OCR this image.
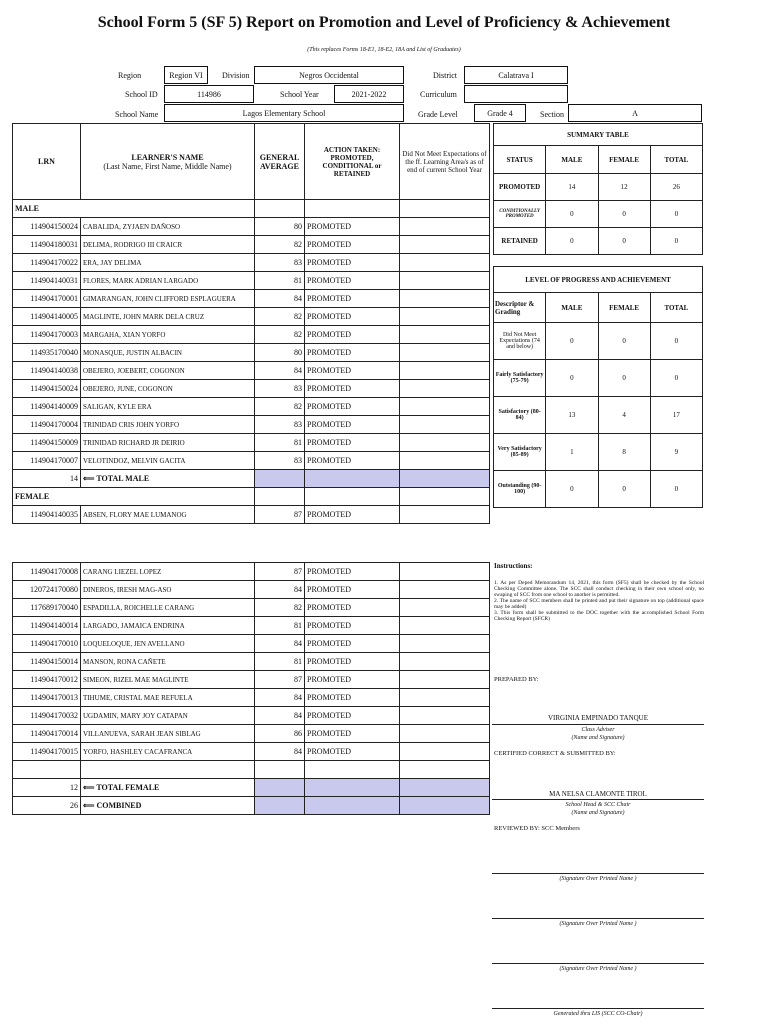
School Form 5 (SF 5) Report on Promotion and Level of Proficiency & Achievement
(This replaces Forms 18-E1, 18-E2, 18A and List of Graduates)
Region	Region VI	Division	Negros Occidental	District	Calatrava I
School ID	114986	School Year	2021-2022	Curriculum
School Name	Lagos Elementary School	Grade Level	Grade 4	Section	A
LRN	LEARNER'S NAME
(Last Name, First Name, Middle Name)	GENERAL AVERAGE	ACTION TAKEN: PROMOTED, CONDITIONAL or RETAINED	Did Not Meet Expectations of the ff. Learning Area/s as of end of current School Year
MALE				
114904150024	CABALIDA, ZYJAEN DAÑOSO	80	PROMOTED	
114904180031	DELIMA, RODRIGO III CRAICR	82	PROMOTED	
114904170022	ERA, JAY DELIMA	83	PROMOTED	
114904140031	FLORES, MARK ADRIAN LARGADO	81	PROMOTED	
114904170001	GIMARANGAN, JOHN CLIFFORD ESPLAGUERA	84	PROMOTED	
114904140005	MAGLINTE, JOHN MARK DELA CRUZ	82	PROMOTED	
114904170003	MARGAHA, XIAN YORFO	82	PROMOTED	
114935170040	MONASQUE, JUSTIN ALBACIN	80	PROMOTED	
114904140038	OBEJERO, JOEBERT, COGONON	84	PROMOTED	
114904150024	OBEJERO, JUNE, COGONON	83	PROMOTED	
114904140009	SALIGAN, KYLE ERA	82	PROMOTED	
114904170004	TRINIDAD CRIS JOHN YORFO	83	PROMOTED	
114904150009	TRINIDAD RICHARD JR DEIRIO	81	PROMOTED	
114904170007	VELOTINDOZ, MELVIN GACITA	83	PROMOTED	
14	⟸ TOTAL MALE			
FEMALE				
114904140035	ABSEN, FLORY MAE LUMANOG	87	PROMOTED	
114904170008	CARANG LIEZEL LOPEZ	87	PROMOTED	
120724170080	DINEROS, IRESH MAG-ASO	84	PROMOTED	
117689170040	ESPADILLA, ROICHELLE CARANG	82	PROMOTED	
114904140014	LARGADO, JAMAICA ENDRINA	81	PROMOTED	
114904170010	LOQUELOQUE, JEN AVELLANO	84	PROMOTED	
114904150014	MANSON, RONA CAÑETE	81	PROMOTED	
114904170012	SIMEON, RIZEL MAE MAGLINTE	87	PROMOTED	
114904170013	TIHUME, CRISTAL MAE REFUELA	84	PROMOTED	
114904170032	UGDAMIN, MARY JOY CATAPAN	84	PROMOTED	
114904170014	VILLANUEVA, SARAH JEAN SIBLAG	86	PROMOTED	
114904170015	YORFO, HASHLEY CACAFRANCA	84	PROMOTED	

12	⟸ TOTAL FEMALE			
26	⟸ COMBINED			
SUMMARY TABLE			
STATUS	MALE	FEMALE	TOTAL
PROMOTED	14	12	26
CONDITIONALLY PROMOTED	0	0	0
RETAINED	0	0	0
LEVEL OF PROGRESS AND ACHIEVEMENT			
Descriptor & Grading	MALE	FEMALE	TOTAL
Did Not Meet Expectations (74 and below)	0	0	0
Fairly Satisfactory (75-79)	0	0	0
Satisfactory (80-84)	13	4	17
Very Satisfactory (85-89)	1	8	9
Outstanding (90-100)	0	0	0
Instructions:
1. As per Deped Memorandum 14, 2021, this form (SF5) shall be checked by the School Checking Committee alone. The SCC shall conduct checking in their own school only, no swaping of SCC from one school to another is permitted.
2. The name of SCC members shall be printed and put their signature on top (additional space may be added)
3. This form shall be submitted to the DOC together with the accomplished School Form Checking Report (SFCR)
PREPARED BY:
VIRGINIA EMPINADO TANQUE
Class Adviser
(Name and Signature)
CERTIFIED CORRECT & SUBMITTED BY:
MA NELSA CLAMONTE TIROL
School Head & SCC Chair
(Name and Signature)
REVIEWED BY: SCC Members
(Signature Over Printed Name )
(Signature Over Printed Name )
(Signature Over Printed Name )
Generated thru LIS (SCC CO-Chair)
